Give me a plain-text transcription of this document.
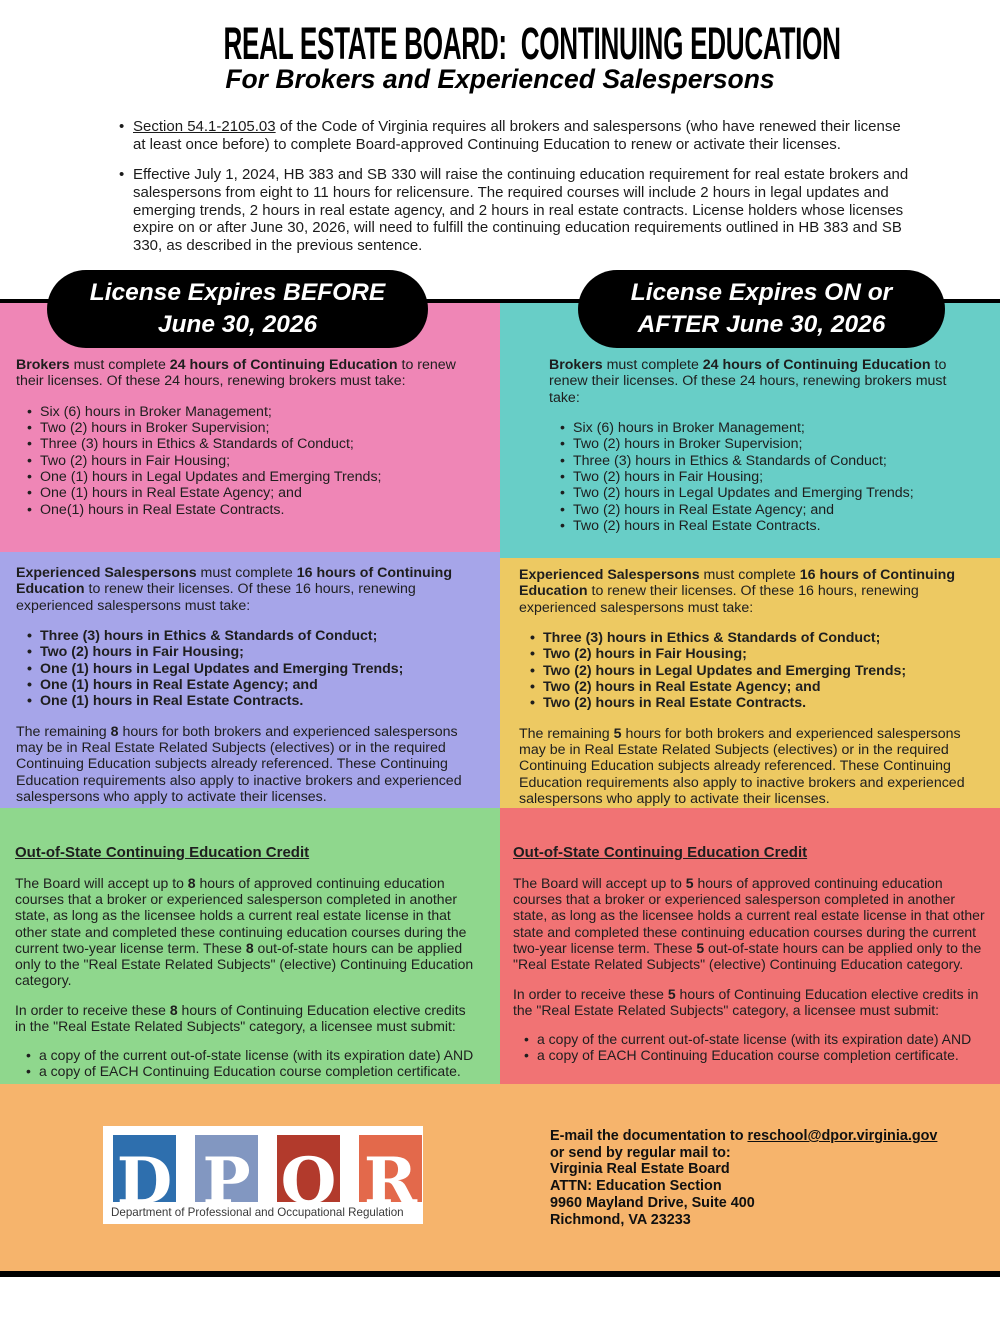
REAL ESTATE BOARD:  CONTINUING EDUCATION
For Brokers and Experienced Salespersons
• Section 54.1-2105.03 of the Code of Virginia requires all brokers and salespersons (who have renewed their license at least once before) to complete Board-approved Continuing Education to renew or activate their licenses.
• Effective July 1, 2024, HB 383 and SB 330 will raise the continuing education requirement for real estate brokers and salespersons from eight to 11 hours for relicensure. The required courses will include 2 hours in legal updates and emerging trends, 2 hours in real estate agency, and 2 hours in real estate contracts. License holders whose licenses expire on or after June 30, 2026, will need to fulfill the continuing education requirements outlined in HB 383 and SB 330, as described in the previous sentence.
License Expires BEFORE
June 30, 2026
License Expires ON or
AFTER June 30, 2026

Brokers must complete 24 hours of Continuing Education to renew their licenses. Of these 24 hours, renewing brokers must take:

• Six (6) hours in Broker Management;
• Two (2) hours in Broker Supervision;
• Three (3) hours in Ethics & Standards of Conduct;
• Two (2) hours in Fair Housing;
• One (1) hours in Legal Updates and Emerging Trends;
• One (1) hours in Real Estate Agency; and
• One(1) hours in Real Estate Contracts.

Brokers must complete 24 hours of Continuing Education to renew their licenses. Of these 24 hours, renewing brokers must take:

• Six (6) hours in Broker Management;
• Two (2) hours in Broker Supervision;
• Three (3) hours in Ethics & Standards of Conduct;
• Two (2) hours in Fair Housing;
• Two (2) hours in Legal Updates and Emerging Trends;
• Two (2) hours in Real Estate Agency; and
• Two (2) hours in Real Estate Contracts.

Experienced Salespersons must complete 16 hours of Continuing Education to renew their licenses. Of these 16 hours, renewing experienced salespersons must take:

• Three (3) hours in Ethics & Standards of Conduct;
• Two (2) hours in Fair Housing;
• One (1) hours in Legal Updates and Emerging Trends;
• One (1) hours in Real Estate Agency; and
• One (1) hours in Real Estate Contracts.

The remaining 8 hours for both brokers and experienced salespersons may be in Real Estate Related Subjects (electives) or in the required Continuing Education subjects already referenced. These Continuing Education requirements also apply to inactive brokers and experienced salespersons who apply to activate their licenses.

Experienced Salespersons must complete 16 hours of Continuing Education to renew their licenses. Of these 16 hours, renewing experienced salespersons must take:

• Three (3) hours in Ethics & Standards of Conduct;
• Two (2) hours in Fair Housing;
• Two (2) hours in Legal Updates and Emerging Trends;
• Two (2) hours in Real Estate Agency; and
• Two (2) hours in Real Estate Contracts.

The remaining 5 hours for both brokers and experienced salespersons may be in Real Estate Related Subjects (electives) or in the required Continuing Education subjects already referenced. These Continuing Education requirements also apply to inactive brokers and experienced salespersons who apply to activate their licenses.

Out-of-State Continuing Education Credit

The Board will accept up to 8 hours of approved continuing education courses that a broker or experienced salesperson completed in another state, as long as the licensee holds a current real estate license in that other state and completed these continuing education courses during the current two-year license term. These 8 out-of-state hours can be applied only to the "Real Estate Related Subjects" (elective) Continuing Education category.

In order to receive these 8 hours of Continuing Education elective credits in the "Real Estate Related Subjects" category, a licensee must submit:

• a copy of the current out-of-state license (with its expiration date) AND
• a copy of EACH Continuing Education course completion certificate.

Out-of-State Continuing Education Credit

The Board will accept up to 5 hours of approved continuing education courses that a broker or experienced salesperson completed in another state, as long as the licensee holds a current real estate license in that other state and completed these continuing education courses during the current two-year license term. These 5 out-of-state hours can be applied only to the "Real Estate Related Subjects" (elective) Continuing Education category.

In order to receive these 5 hours of Continuing Education elective credits in the "Real Estate Related Subjects" category, a licensee must submit:

• a copy of the current out-of-state license (with its expiration date) AND
• a copy of EACH Continuing Education course completion certificate.
D P O R
Department of Professional and Occupational Regulation
E-mail the documentation to reschool@dpor.virginia.gov
or send by regular mail to:
Virginia Real Estate Board
ATTN: Education Section
9960 Mayland Drive, Suite 400
Richmond, VA 23233
